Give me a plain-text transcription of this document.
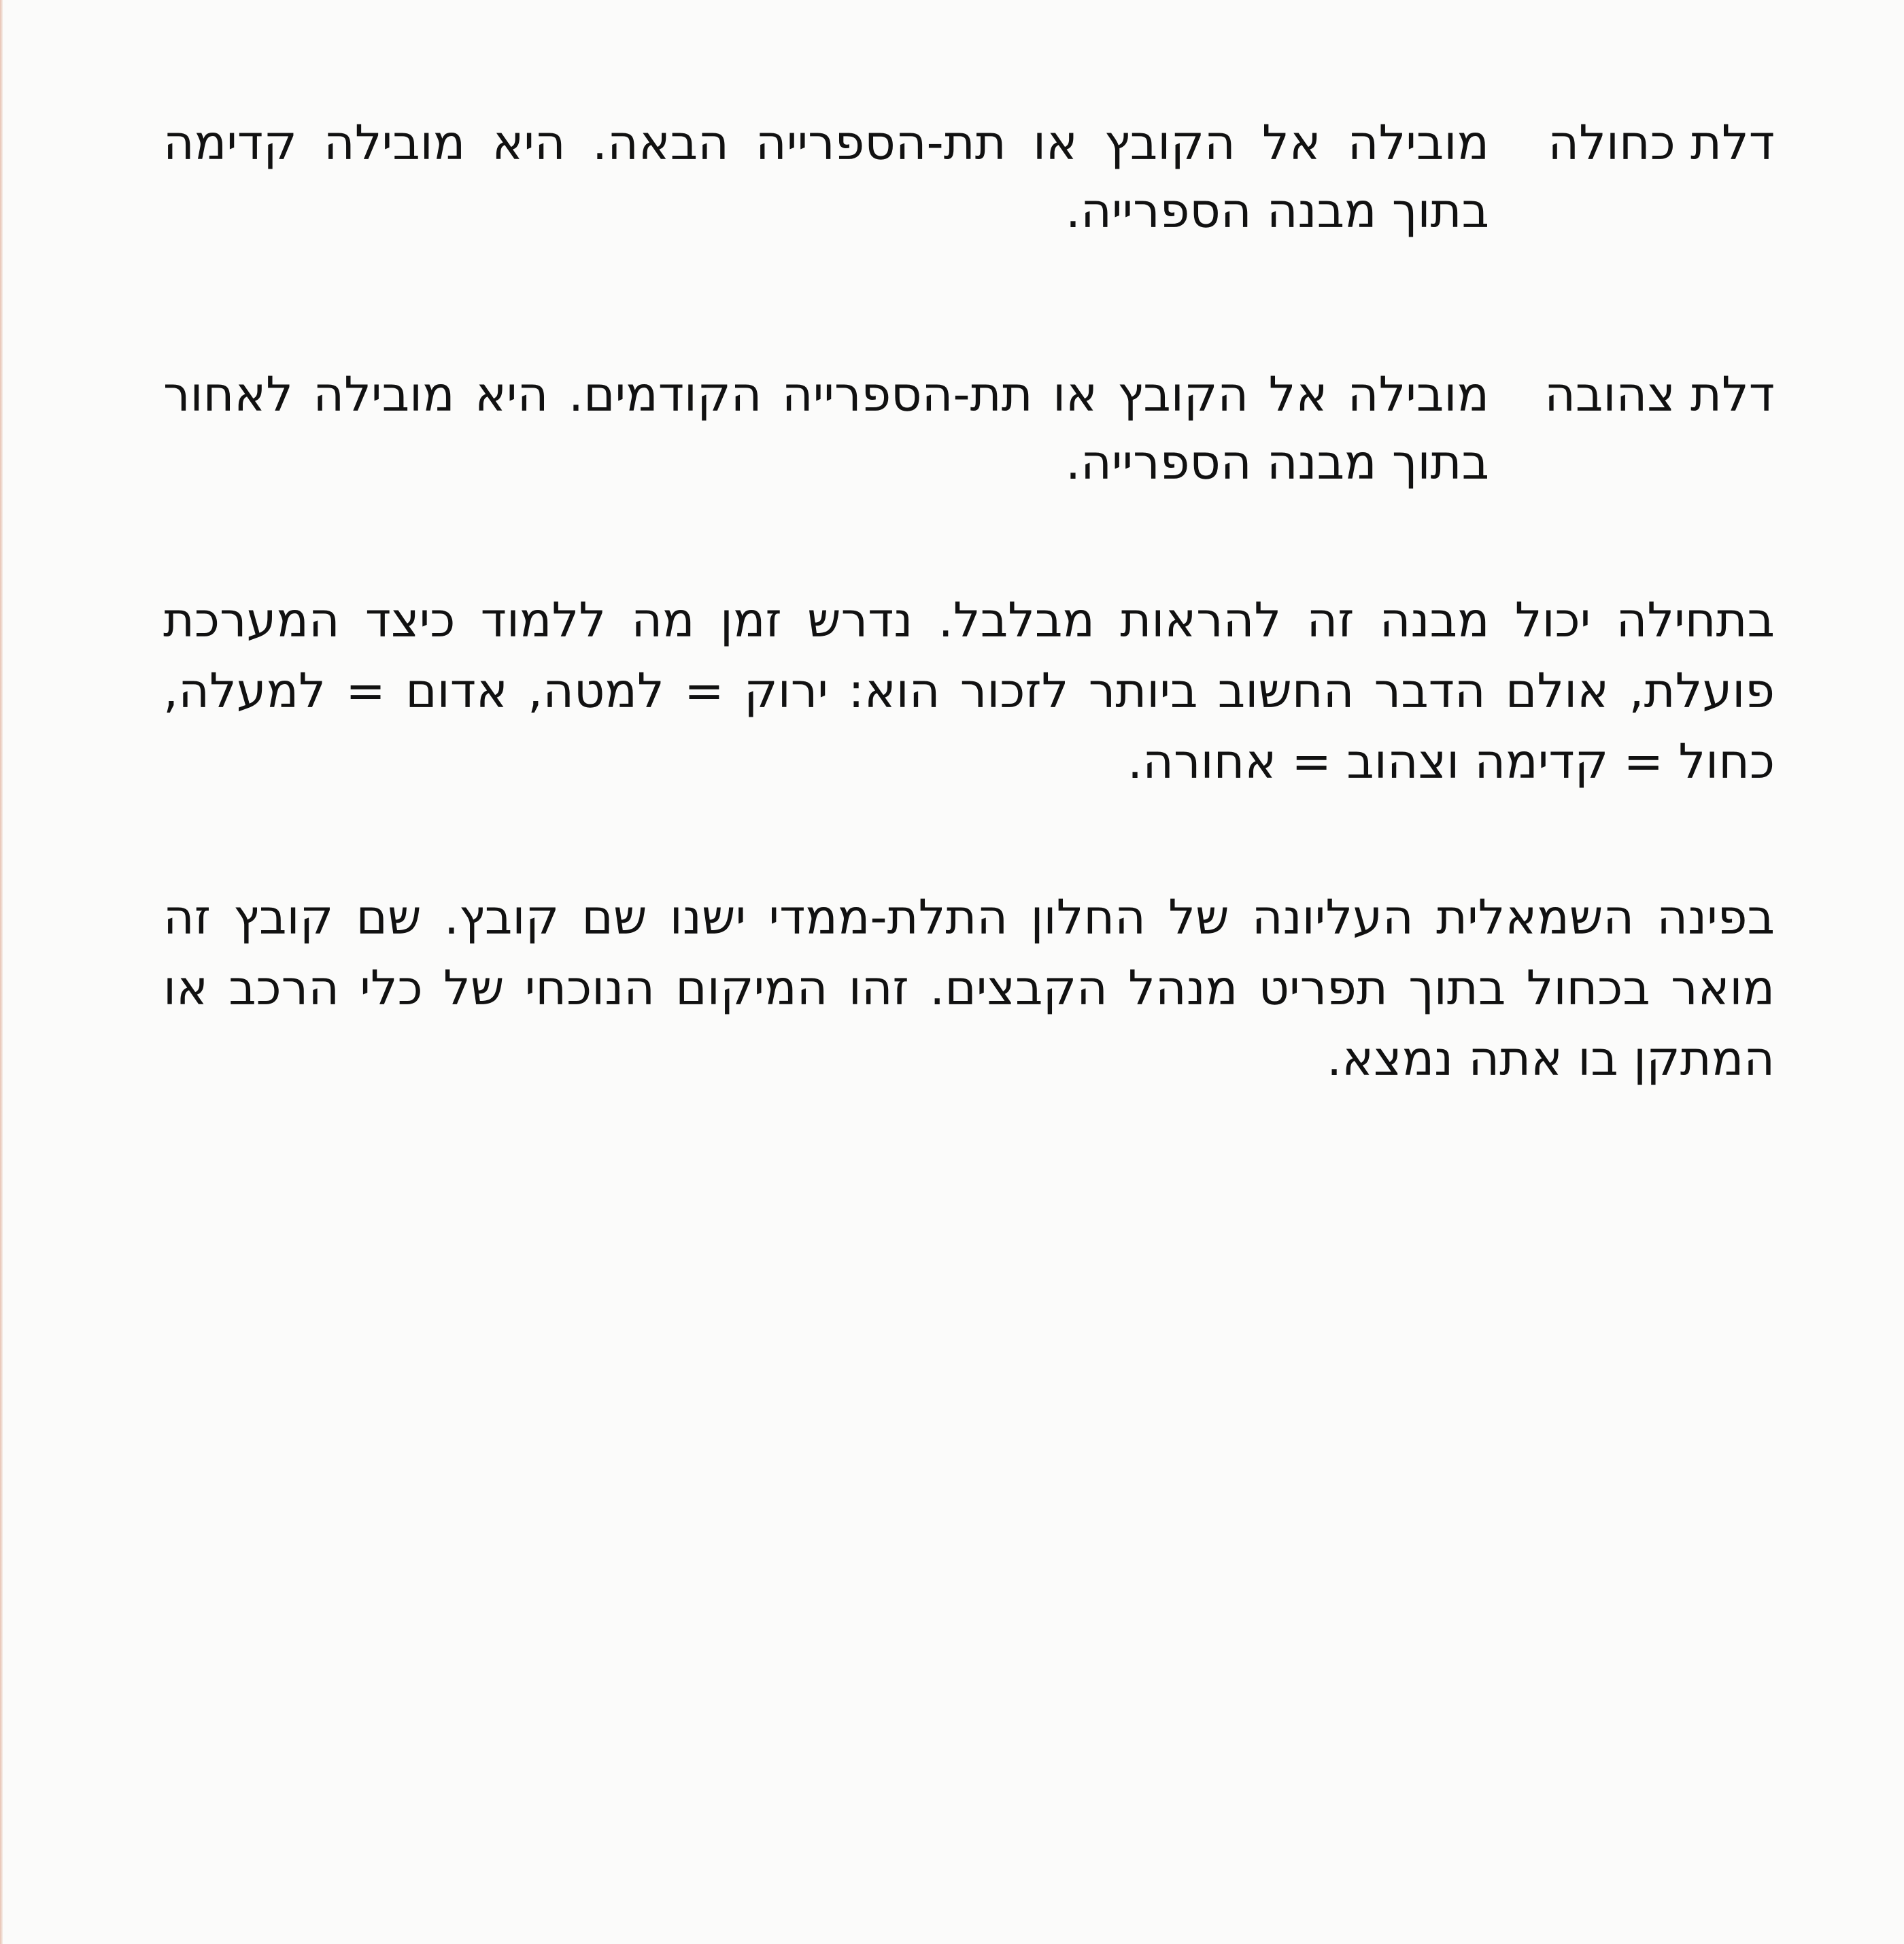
דלת כחולה
מובילה אל הקובץ או תת-הספרייה הבאה. היא מובילה קדימה בתוך מבנה הספרייה.
דלת צהובה
מובילה אל הקובץ או תת-הספרייה הקודמים. היא מובילה לאחור בתוך מבנה הספרייה.

בתחילה יכול מבנה זה להראות מבלבל. נדרש זמן מה ללמוד כיצד המערכת פועלת, אולם הדבר החשוב ביותר לזכור הוא: ירוק = למטה, אדום = למעלה, כחול = קדימה וצהוב = אחורה.

בפינה השמאלית העליונה של החלון התלת-ממדי ישנו שם קובץ. שם קובץ זה מואר בכחול בתוך תפריט מנהל הקבצים. זהו המיקום הנוכחי של כלי הרכב או המתקן בו אתה נמצא.
